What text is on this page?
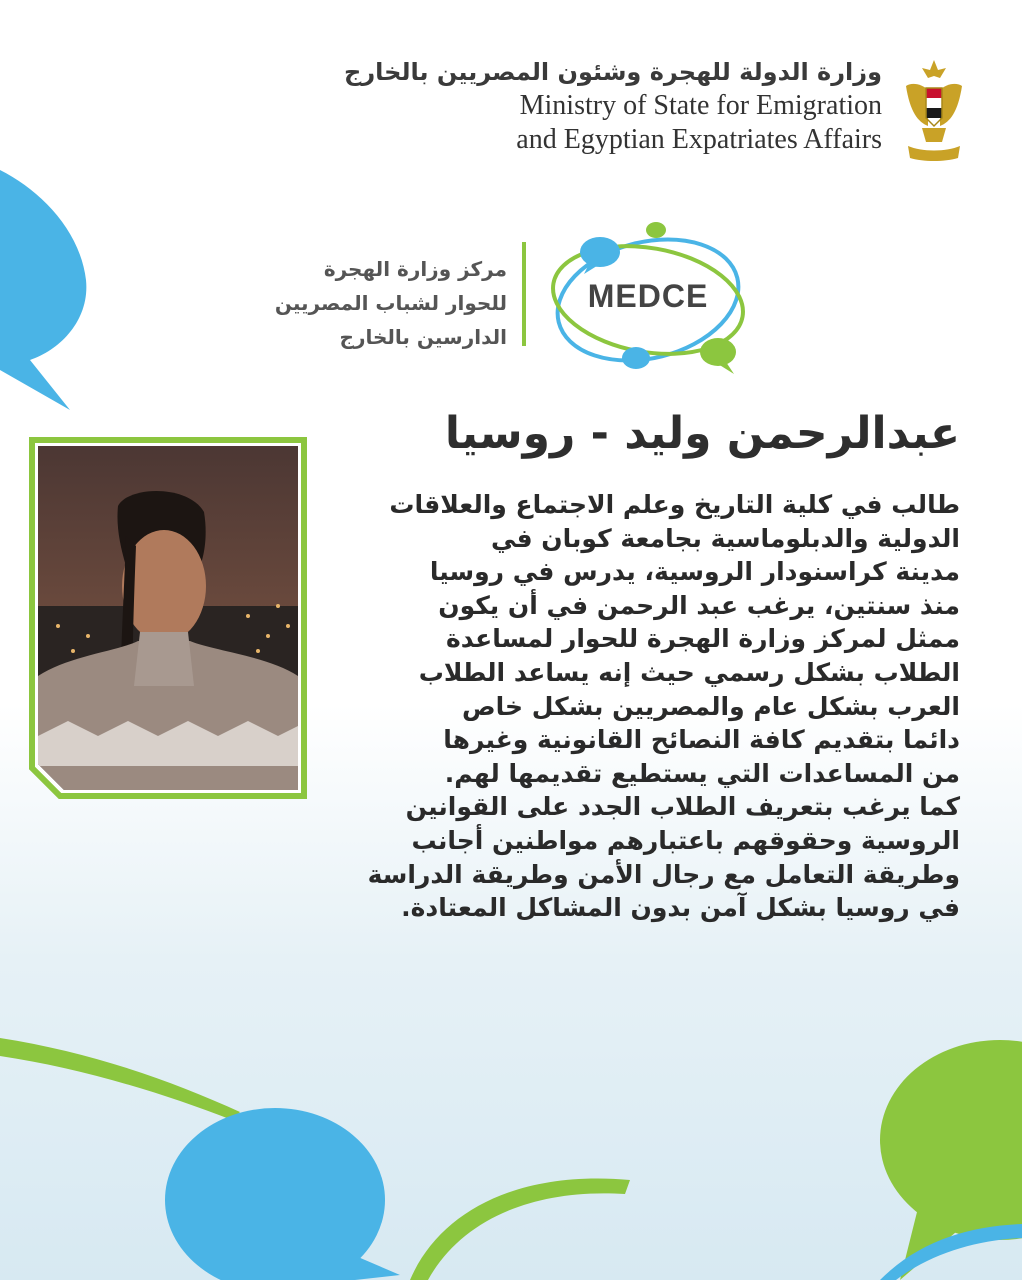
وزارة الدولة للهجرة وشئون المصريين بالخارج
Ministry of State for Emigration
and Egyptian Expatriates Affairs
مركز وزارة الهجرة
للحوار لشباب المصريين
الدارسين بالخارج
MEDCE
عبدالرحمن وليد - روسيا
طالب في كلية التاريخ وعلم الاجتماع والعلاقات
الدولية والدبلوماسية بجامعة كوبان في
مدينة كراسنودار الروسية، يدرس في روسيا
منذ سنتين، يرغب عبد الرحمن في أن يكون
ممثل لمركز وزارة الهجرة للحوار لمساعدة
الطلاب بشكل رسمي حيث إنه يساعد الطلاب
العرب بشكل عام والمصريين بشكل خاص
دائما بتقديم كافة النصائح القانونية وغيرها
من المساعدات التي يستطيع تقديمها لهم.
كما يرغب بتعريف الطلاب الجدد على القوانين
الروسية وحقوقهم باعتبارهم مواطنين أجانب
وطريقة التعامل مع رجال الأمن وطريقة الدراسة
في روسيا بشكل آمن بدون المشاكل المعتادة.
